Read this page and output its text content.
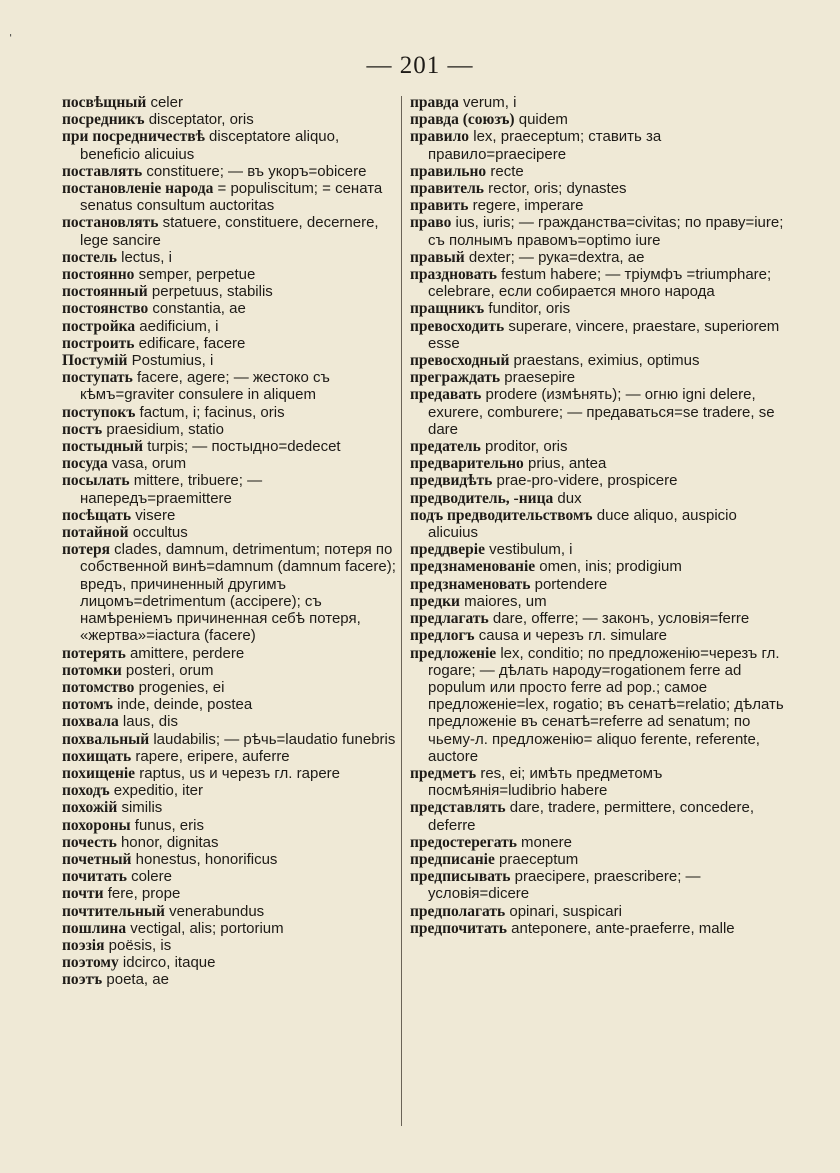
— 201 —

посвѣщный celer

посредникъ disceptator, oris

при посредничествѣ disceptatore aliquo, beneficio alicuius

поставлять constituere; — въ укоръ=obicere

постановленіе народа = populiscitum; = сената senatus consultum auctoritas

постановлять statuere, constituere, decernere, lege sancire

постель lectus, i

постоянно semper, perpetue

постоянный perpetuus, stabilis

постоянство constantia, ae

постройка aedificium, i

построить edificare, facere

Постумій Postumius, i

поступать facere, agere; — жестоко съ кѣмъ=graviter consulere in aliquem

поступокъ factum, i; facinus, oris

постъ praesidium, statio

постыдный turpis; — постыдно=dedecet

посуда vasa, orum

посылать mittere, tribuere; — напередъ=praemittere

посѣщать visere

потайной occultus

потеря clades, damnum, detrimentum; потеря по собственной винѣ=damnum (damnum facere); вредъ, причиненный другимъ лицомъ=detrimentum (accipere); съ намѣреніемъ причиненная себѣ потеря, «жертва»=iactura (facere)

потерять amittere, perdere

потомки posteri, orum

потомство progenies, ei

потомъ inde, deinde, postea

похвала laus, dis

похвальный laudabilis; — рѣчь=laudatio funebris

похищать rapere, eripere, auferre

похищеніе raptus, us и черезъ гл. rapere

походъ expeditio, iter

похожій similis

похороны funus, eris

почесть honor, dignitas

почетный honestus, honorificus

почитать colere

почти fere, prope

почтительный venerabundus

пошлина vectigal, alis; portorium

поэзія poësis, is

поэтому idcirco, itaque

поэтъ poeta, ae

правда verum, i

правда (союзъ) quidem

правило lex, praeceptum; ставить за правило=praecipere

правильно recte

правитель rector, oris; dynastes

править regere, imperare

право ius, iuris; — гражданства=civitas; по праву=iure; съ полнымъ правомъ=optimo iure

правый dexter; — рука=dextra, ae

праздновать festum habere; — тріумфъ =triumphare; celebrare, если собирается много народа

пращникъ funditor, oris

превосходить superare, vincere, praestare, superiorem esse

превосходный praestans, eximius, optimus

преграждать praesepire

предавать prodere (измѣнять); — огню igni delere, exurere, comburere; — предаваться=se tradere, se dare

предатель proditor, oris

предварительно prius, antea

предвидѣть prae-pro-videre, prospicere

предводитель, -ница dux

подъ предводительствомъ duce aliquo, auspicio alicuius

преддверіе vestibulum, i

предзнаменованіе omen, inis; prodigium

предзнаменовать portendere

предки maiores, um

предлагать dare, offerre; — законъ, условія=ferre

предлогъ causa и черезъ гл. simulare

предложеніе lex, conditio; по предложенію=черезъ гл. rogare; — дѣлать народу=rogationem ferre ad populum или просто ferre ad pop.; самое предложеніе=lex, rogatio; въ сенатѣ=relatio; дѣлать предложеніе въ сенатѣ=referre ad senatum; по чьему-л. предложенію= aliquo ferente, referente, auctore

предметъ res, ei; имѣть предметомъ посмѣянія=ludibrio habere

представлять dare, tradere, permittere, concedere, deferre

предостерегать monere

предписаніе praeceptum

предписывать praecipere, praescribere; — условія=dicere

предполагать opinari, suspicari

предпочитать anteponere, ante-praeferre, malle

ˈ
